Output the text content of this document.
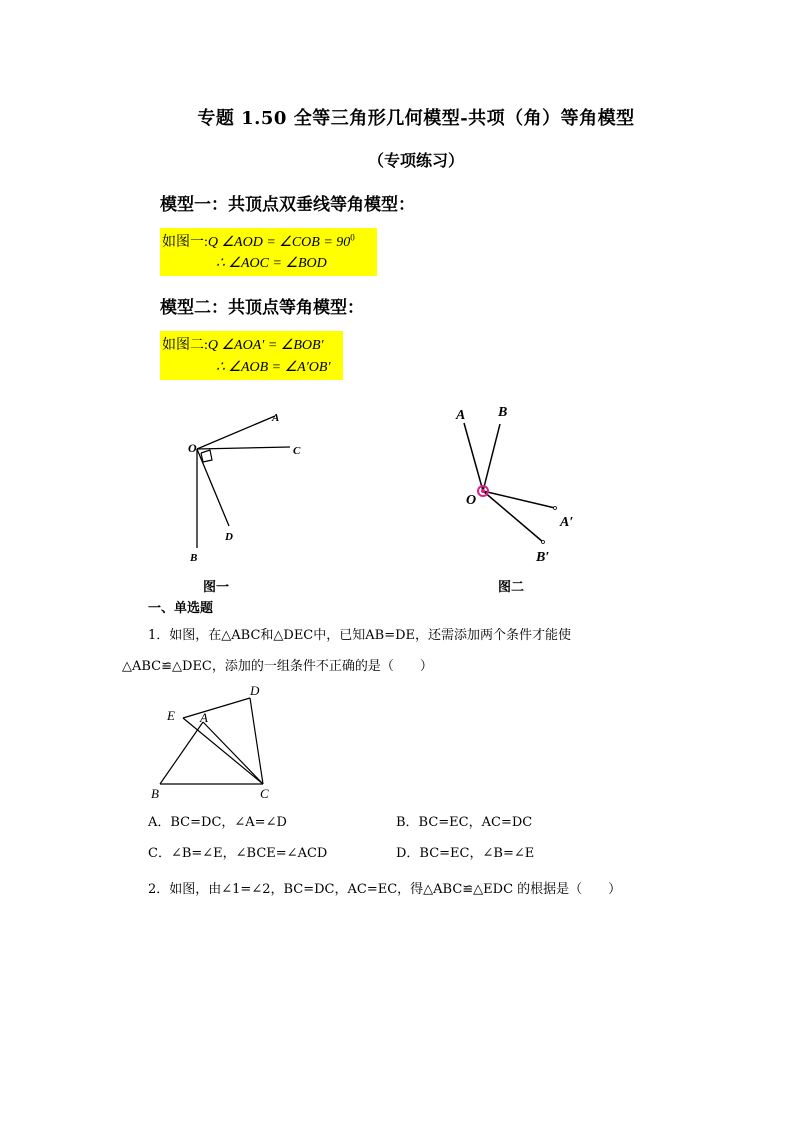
专题 1.50 全等三角形几何模型-共项（角）等角模型
（专项练习）
模型一：共顶点双垂线等角模型：
如图一:Q ∠AOD = ∠COB = $90^0$
∴ ∠AOC = ∠BOD
模型二：共顶点等角模型：
如图二:Q ∠AOA′ = ∠BOB′
∴ ∠AOB = ∠A′OB′
A
C
O
D
B
图一
A B
O
A′
B′
图二
一、单选题
1．如图，在△ABC和△DEC中，已知AB=DE，还需添加两个条件才能使
△ABC≌△DEC，添加的一组条件不正确的是（　　）
D
E A
B	C
A．BC=DC，∠A=∠D	B．BC=EC，AC=DC
C．∠B=∠E，∠BCE=∠ACD	D．BC=EC，∠B=∠E
2．如图，由∠1=∠2，BC=DC，AC=EC，得△ABC≌△EDC 的根据是（　　）
